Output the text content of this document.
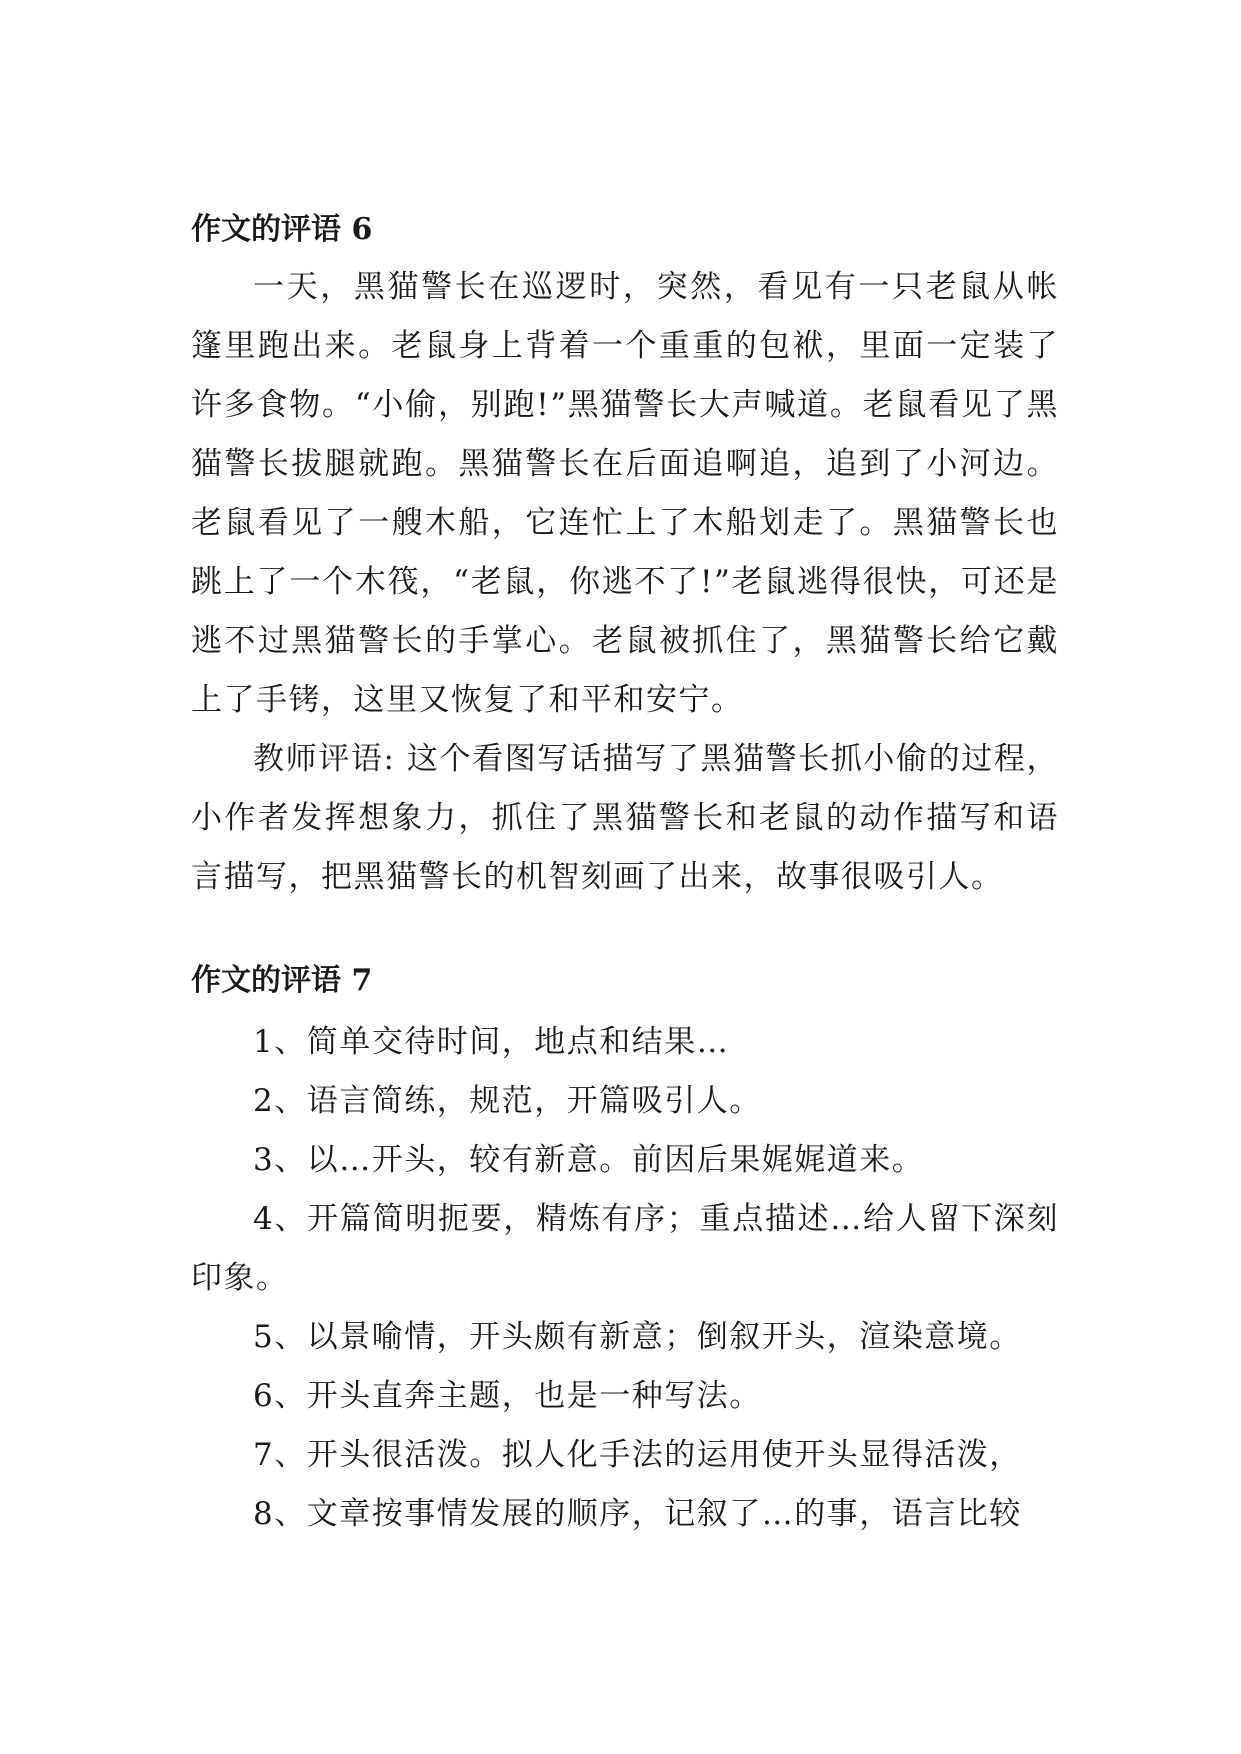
作文的评语 6

一天，黑猫警长在巡逻时，突然，看见有一只老鼠从帐篷里跑出来。老鼠身上背着一个重重的包袱，里面一定装了许多食物。“小偷，别跑!”黑猫警长大声喊道。老鼠看见了黑猫警长拔腿就跑。黑猫警长在后面追啊追，追到了小河边。老鼠看见了一艘木船，它连忙上了木船划走了。黑猫警长也跳上了一个木筏，“老鼠，你逃不了!”老鼠逃得很快，可还是逃不过黑猫警长的手掌心。老鼠被抓住了，黑猫警长给它戴上了手铐，这里又恢复了和平和安宁。

教师评语: 这个看图写话描写了黑猫警长抓小偷的过程，小作者发挥想象力，抓住了黑猫警长和老鼠的动作描写和语言描写，把黑猫警长的机智刻画了出来，故事很吸引人。

作文的评语 7

1、简单交待时间，地点和结果…

2、语言简练，规范，开篇吸引人。

3、以…开头，较有新意。前因后果娓娓道来。

4、开篇简明扼要，精炼有序；重点描述…给人留下深刻印象。

5、以景喻情，开头颇有新意；倒叙开头，渲染意境。

6、开头直奔主题，也是一种写法。

7、开头很活泼。拟人化手法的运用使开头显得活泼，

8、文章按事情发展的顺序，记叙了…的事，语言比较
